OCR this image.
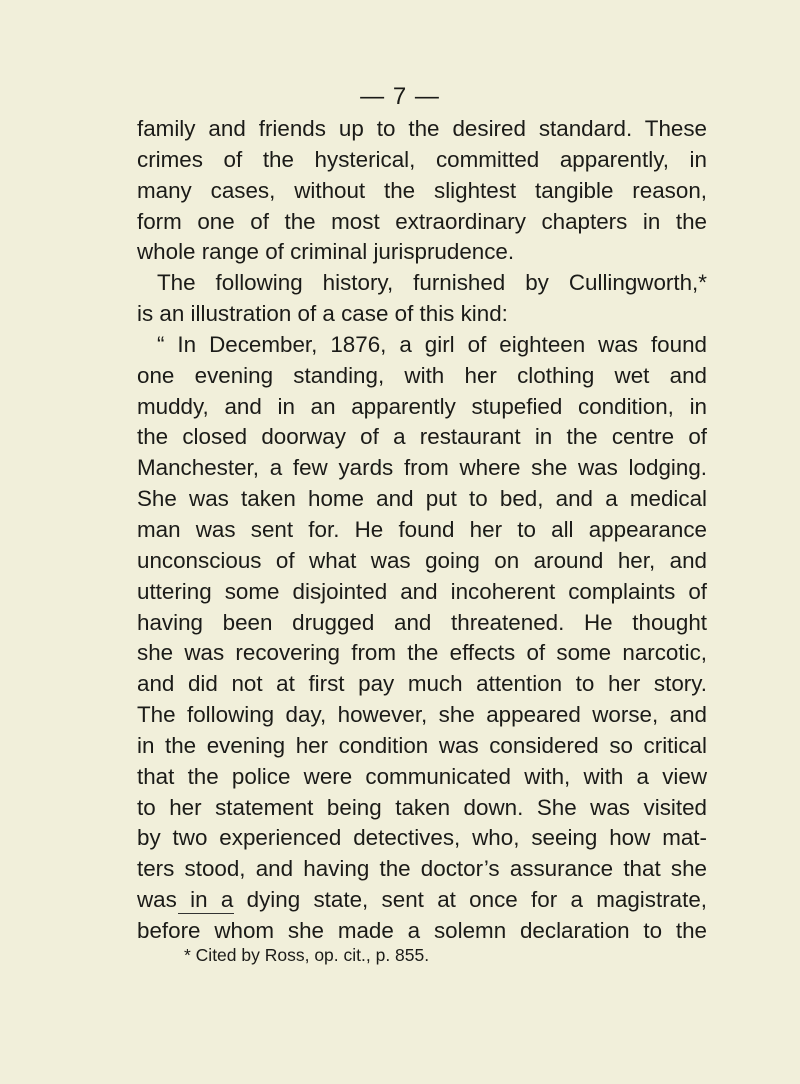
— 7 —
family and friends up to the desired standard. These
crimes of the hysterical, committed apparently, in
many cases, without the slightest tangible reason,
form one of the most extraordinary chapters in the
whole range of criminal jurisprudence.
The following history, furnished by Cullingworth,*
is an illustration of a case of this kind:
“ In December, 1876, a girl of eighteen was found
one evening standing, with her clothing wet and
muddy, and in an apparently stupefied condition, in
the closed doorway of a restaurant in the centre of
Manchester, a few yards from where she was lodging.
She was taken home and put to bed, and a medical
man was sent for. He found her to all appearance
unconscious of what was going on around her, and
uttering some disjointed and incoherent complaints of
having been drugged and threatened. He thought
she was recovering from the effects of some narcotic,
and did not at first pay much attention to her story.
The following day, however, she appeared worse, and
in the evening her condition was considered so critical
that the police were communicated with, with a view
to her statement being taken down. She was visited
by two experienced detectives, who, seeing how mat-
ters stood, and having the doctor’s assurance that she
was in a dying state, sent at once for a magistrate,
before whom she made a solemn declaration to the
* Cited by Ross, op. cit., p. 855.
